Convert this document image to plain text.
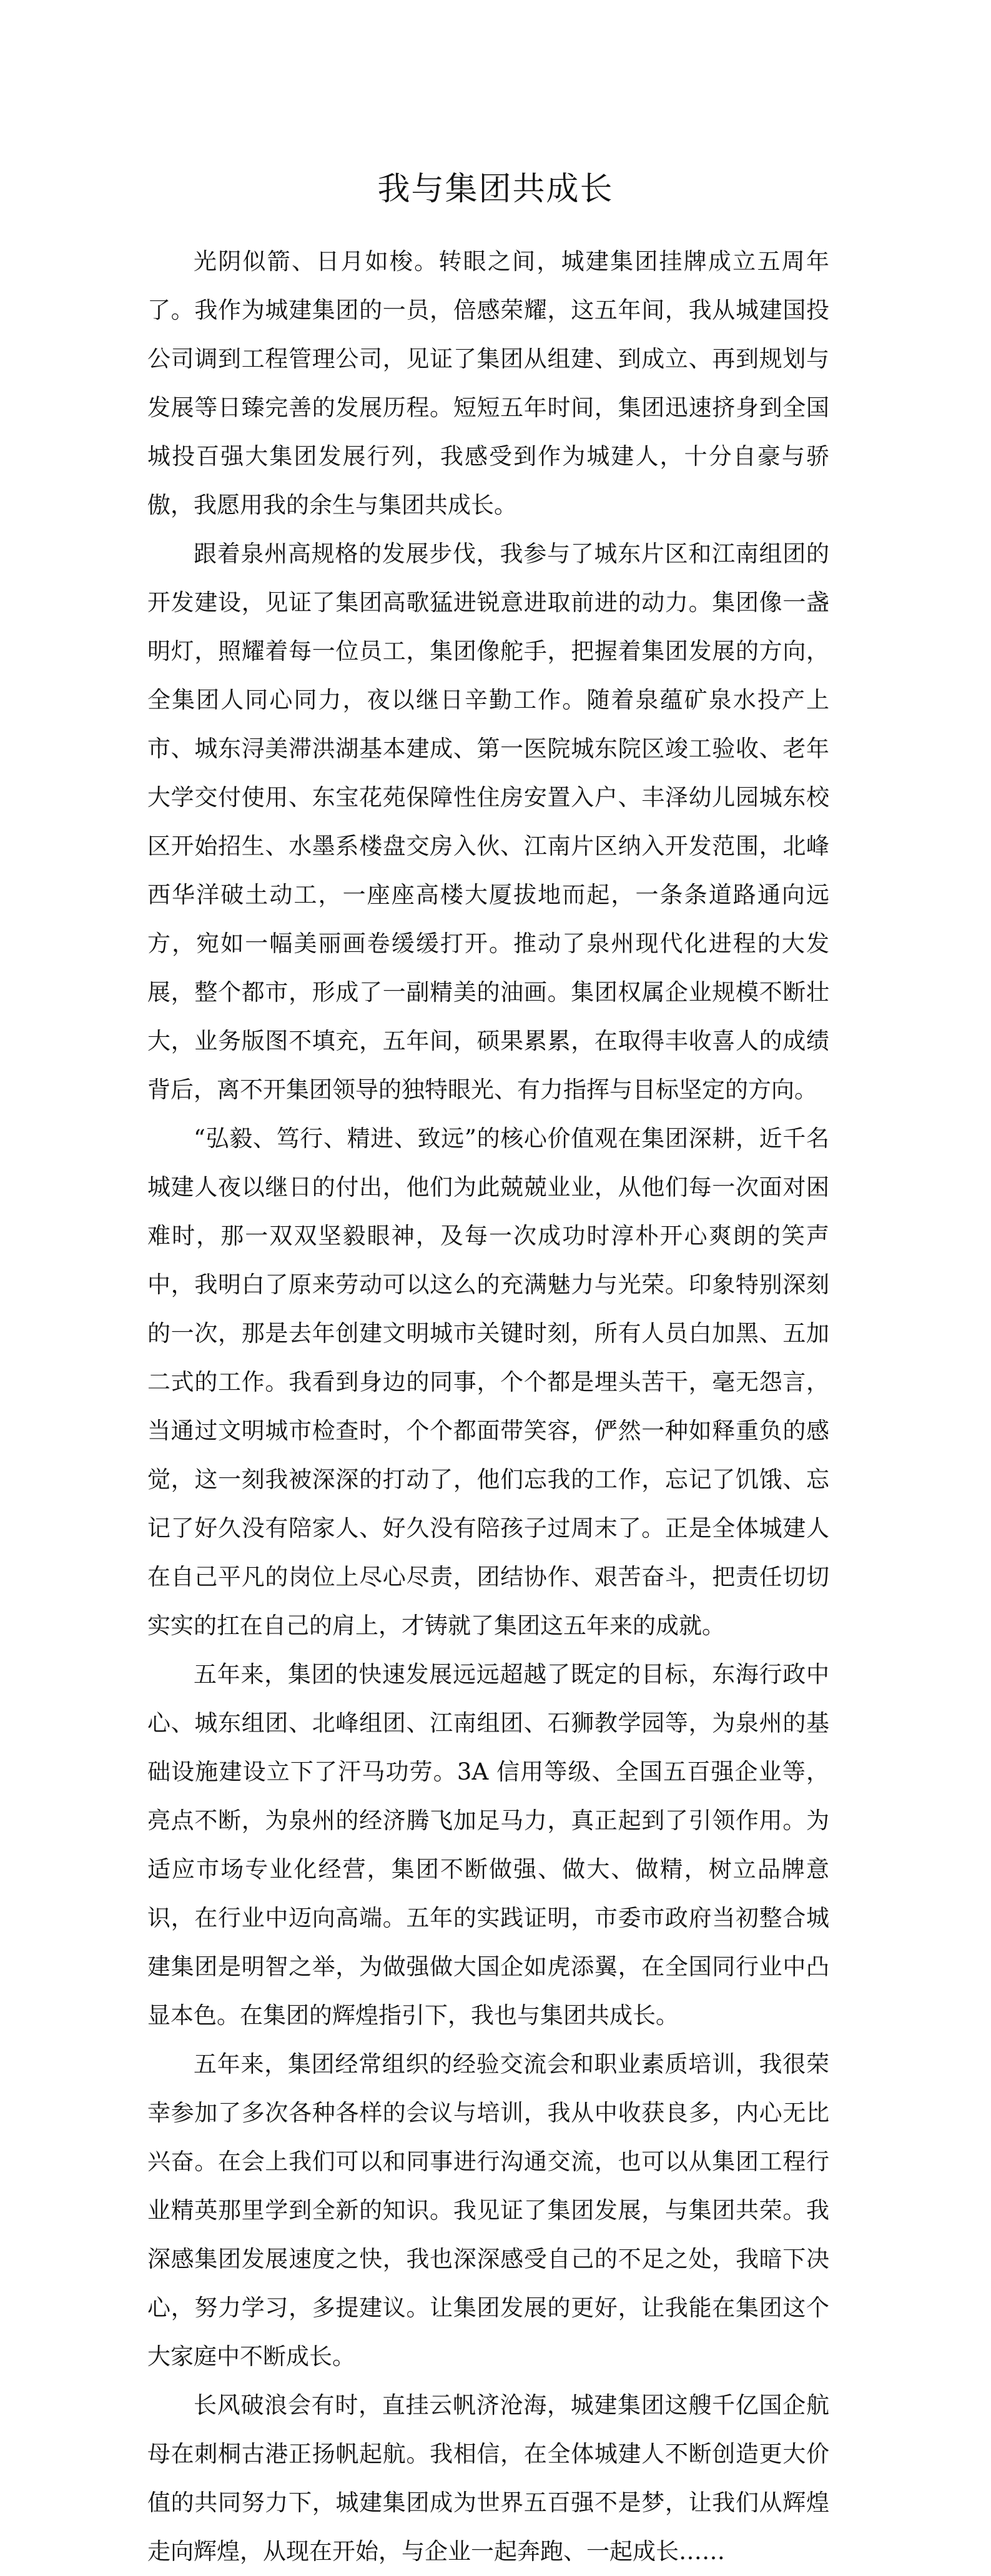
我与集团共成长

光阴似箭、日月如梭。转眼之间，城建集团挂牌成立五周年了。我作为城建集团的一员，倍感荣耀，这五年间，我从城建国投公司调到工程管理公司，见证了集团从组建、到成立、再到规划与发展等日臻完善的发展历程。短短五年时间，集团迅速挤身到全国城投百强大集团发展行列，我感受到作为城建人，十分自豪与骄傲，我愿用我的余生与集团共成长。

跟着泉州高规格的发展步伐，我参与了城东片区和江南组团的开发建设，见证了集团高歌猛进锐意进取前进的动力。集团像一盏明灯，照耀着每一位员工，集团像舵手，把握着集团发展的方向，全集团人同心同力，夜以继日辛勤工作。随着泉蕴矿泉水投产上市、城东浔美滞洪湖基本建成、第一医院城东院区竣工验收、老年大学交付使用、东宝花苑保障性住房安置入户、丰泽幼儿园城东校区开始招生、水墨系楼盘交房入伙、江南片区纳入开发范围，北峰西华洋破土动工，一座座高楼大厦拔地而起，一条条道路通向远方，宛如一幅美丽画卷缓缓打开。推动了泉州现代化进程的大发展，整个都市，形成了一副精美的油画。集团权属企业规模不断壮大，业务版图不填充，五年间，硕果累累，在取得丰收喜人的成绩背后，离不开集团领导的独特眼光、有力指挥与目标坚定的方向。

“弘毅、笃行、精进、致远”的核心价值观在集团深耕，近千名城建人夜以继日的付出，他们为此兢兢业业，从他们每一次面对困难时，那一双双坚毅眼神，及每一次成功时淳朴开心爽朗的笑声中，我明白了原来劳动可以这么的充满魅力与光荣。印象特别深刻的一次，那是去年创建文明城市关键时刻，所有人员白加黑、五加二式的工作。我看到身边的同事，个个都是埋头苦干，毫无怨言，当通过文明城市检查时，个个都面带笑容，俨然一种如释重负的感觉，这一刻我被深深的打动了，他们忘我的工作，忘记了饥饿、忘记了好久没有陪家人、好久没有陪孩子过周末了。正是全体城建人在自己平凡的岗位上尽心尽责，团结协作、艰苦奋斗，把责任切切实实的扛在自己的肩上，才铸就了集团这五年来的成就。

五年来，集团的快速发展远远超越了既定的目标，东海行政中心、城东组团、北峰组团、江南组团、石狮教学园等，为泉州的基础设施建设立下了汗马功劳。3A 信用等级、全国五百强企业等，亮点不断，为泉州的经济腾飞加足马力，真正起到了引领作用。为适应市场专业化经营，集团不断做强、做大、做精，树立品牌意识，在行业中迈向高端。五年的实践证明，市委市政府当初整合城建集团是明智之举，为做强做大国企如虎添翼，在全国同行业中凸显本色。在集团的辉煌指引下，我也与集团共成长。

五年来，集团经常组织的经验交流会和职业素质培训，我很荣幸参加了多次各种各样的会议与培训，我从中收获良多，内心无比兴奋。在会上我们可以和同事进行沟通交流，也可以从集团工程行业精英那里学到全新的知识。我见证了集团发展，与集团共荣。我深感集团发展速度之快，我也深深感受自己的不足之处，我暗下决心，努力学习，多提建议。让集团发展的更好，让我能在集团这个大家庭中不断成长。

长风破浪会有时，直挂云帆济沧海，城建集团这艘千亿国企航母在刺桐古港正扬帆起航。我相信，在全体城建人不断创造更大价值的共同努力下，城建集团成为世界五百强不是梦，让我们从辉煌走向辉煌，从现在开始，与企业一起奔跑、一起成长……
